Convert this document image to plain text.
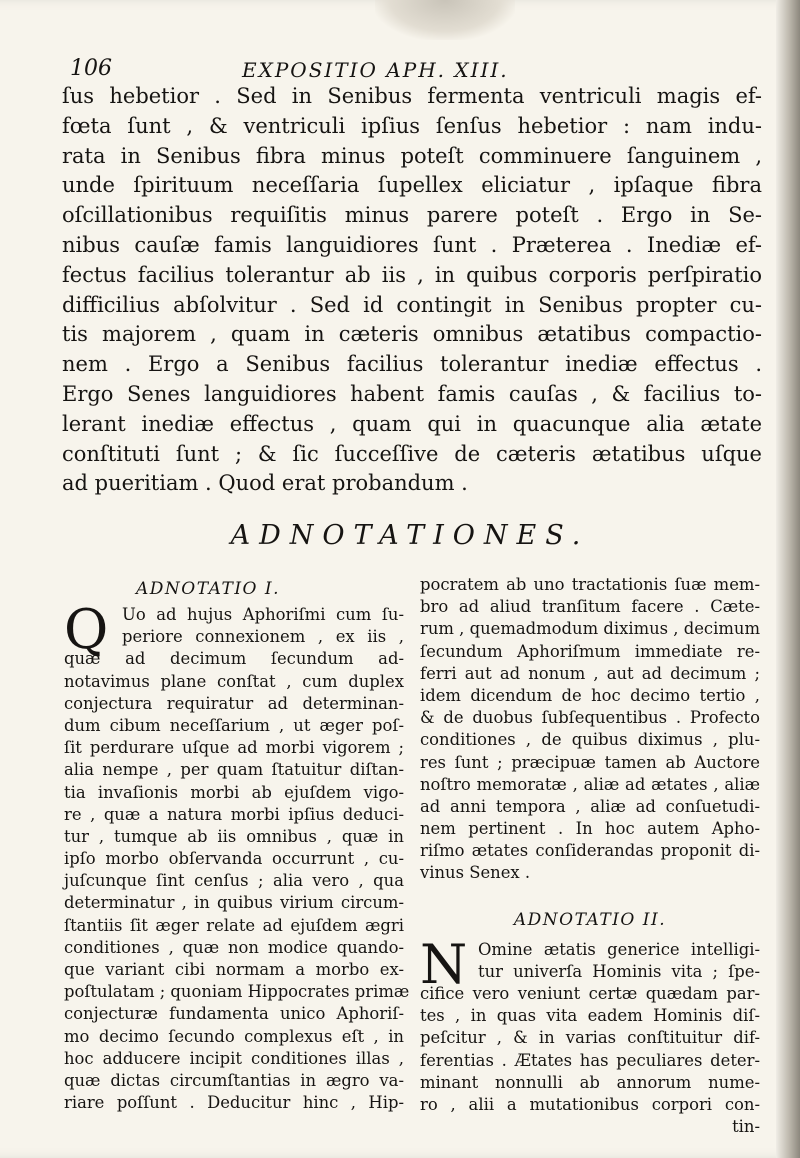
106	EXPOSITIO APH. XIII.
ſus hebetior . Sed in Senibus fermenta ventriculi magis ef-
fœta ſunt , & ventriculi ipſius ſenſus hebetior : nam indu-
rata in Senibus fibra minus poteſt comminuere ſanguinem ,
unde ſpirituum neceſſaria ſupellex eliciatur , ipſaque fibra
oſcillationibus requiſitis minus parere poteſt . Ergo in Se-
nibus cauſæ famis languidiores ſunt . Præterea . Inediæ ef-
fectus facilius tolerantur ab iis , in quibus corporis perſpiratio
difficilius abſolvitur . Sed id contingit in Senibus propter cu-
tis majorem , quam in cæteris omnibus ætatibus compactio-
nem . Ergo a Senibus facilius tolerantur inediæ effectus .
Ergo Senes languidiores habent famis cauſas , & facilius to-
lerant inediæ effectus , quam qui in quacunque alia ætate
conſtituti ſunt ; & ſic ſucceſſive de cæteris ætatibus uſque
ad pueritiam . Quod erat probandum .
ADNOTATIONES.
ADNOTATIO I.
Q Uo ad hujus Aphoriſmi cum ſu-
periore connexionem , ex iis ,
quæ ad decimum ſecundum ad-
notavimus plane conſtat , cum duplex
conjectura requiratur ad determinan-
dum cibum neceſſarium , ut æger poſ-
ſit perdurare uſque ad morbi vigorem ;
alia nempe , per quam ſtatuitur diſtan-
tia invaſionis morbi ab ejuſdem vigo-
re , quæ a natura morbi ipſius deduci-
tur , tumque ab iis omnibus , quæ in
ipſo morbo obſervanda occurrunt , cu-
juſcunque ſint cenſus ; alia vero , qua
determinatur , in quibus virium circum-
ſtantiis ſit æger relate ad ejuſdem ægri
conditiones , quæ non modice quando-
que variant cibi normam a morbo ex-
poſtulatam ; quoniam Hippocrates primæ
conjecturæ fundamenta unico Aphoriſ-
mo decimo ſecundo complexus eſt , in
hoc adducere incipit conditiones illas ,
quæ dictas circumſtantias in ægro va-
riare poſſunt . Deducitur hinc , Hip-
pocratem ab uno tractationis ſuæ mem-
bro ad aliud tranſitum facere . Cæte-
rum , quemadmodum diximus , decimum
ſecundum Aphoriſmum immediate re-
ferri aut ad nonum , aut ad decimum ;
idem dicendum de hoc decimo tertio ,
& de duobus ſubſequentibus . Profecto
conditiones , de quibus diximus , plu-
res ſunt ; præcipuæ tamen ab Auctore
noſtro memoratæ , aliæ ad ætates , aliæ
ad anni tempora , aliæ ad conſuetudi-
nem pertinent . In hoc autem Apho-
riſmo ætates conſiderandas proponit di-
vinus Senex .
ADNOTATIO II.
N Omine ætatis generice intelligi-
tur univerſa Hominis vita ; ſpe-
cifice vero veniunt certæ quædam par-
tes , in quas vita eadem Hominis diſ-
peſcitur , & in varias conſtituitur dif-
ferentias . Ætates has peculiares deter-
minant nonnulli ab annorum nume-
ro , alii a mutationibus corpori con-
tin-
